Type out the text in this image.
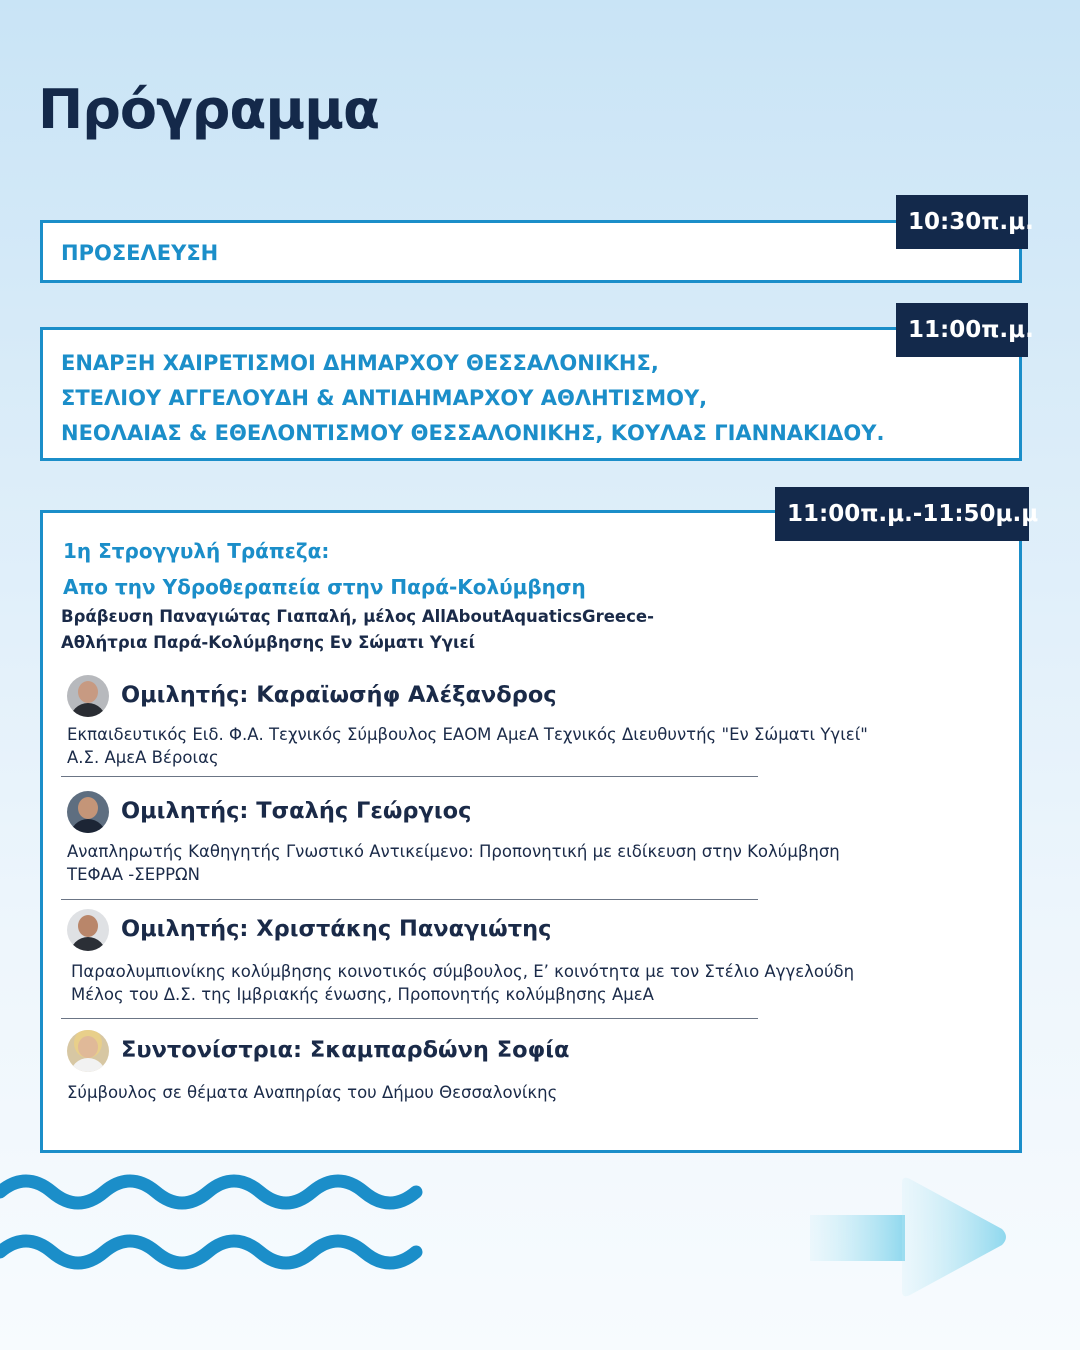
Πρόγραμμα

ΠΡΟΣΕΛΕΥΣΗ

10:30π.μ.

ΕΝΑΡΞΗ ΧΑΙΡΕΤΙΣΜΟΙ ΔΗΜΑΡΧΟΥ ΘΕΣΣΑΛΟΝΙΚΗΣ,
ΣΤΕΛΙΟΥ ΑΓΓΕΛΟΥΔΗ & ΑΝΤΙΔΗΜΑΡΧΟΥ ΑΘΛΗΤΙΣΜΟΥ,
ΝΕΟΛΑΙΑΣ & ΕΘΕΛΟΝΤΙΣΜΟΥ ΘΕΣΣΑΛΟΝΙΚΗΣ, ΚΟΥΛΑΣ ΓΙΑΝΝΑΚΙΔΟΥ.

11:00π.μ.
1η Στρογγυλή Τράπεζα:
Απο την Υδροθεραπεία στην Παρά-Κολύμβηση
Βράβευση Παναγιώτας Γιαπαλή, μέλος AllAboutAquaticsGreece-
Αθλήτρια Παρά-Κολύμβησης Εν Σώματι Υγιεί
Ομιλητής: Καραϊωσήφ Αλέξανδρος
Εκπαιδευτικός Ειδ. Φ.Α. Τεχνικός Σύμβουλος ΕΑΟΜ ΑμεΑ Τεχνικός Διευθυντής "Εν Σώματι Υγιεί"
Α.Σ. ΑμεΑ Βέροιας
Ομιλητής: Τσαλής Γεώργιος
Αναπληρωτής Καθηγητής Γνωστικό Αντικείμενο: Προπονητική με ειδίκευση στην Κολύμβηση
ΤΕΦΑΑ -ΣΕΡΡΩΝ
Ομιλητής: Χριστάκης Παναγιώτης
Παραολυμπιονίκης κολύμβησης κοινοτικός σύμβουλος, Ε’ κοινότητα με τον Στέλιο Αγγελούδη
Μέλος του Δ.Σ. της Ιμβριακής ένωσης, Προπονητής κολύμβησης ΑμεΑ
Συντονίστρια: Σκαμπαρδώνη Σοφία
Σύμβουλος σε θέματα Αναπηρίας του Δήμου Θεσσαλονίκης
11:00π.μ.-11:50μ.μ
